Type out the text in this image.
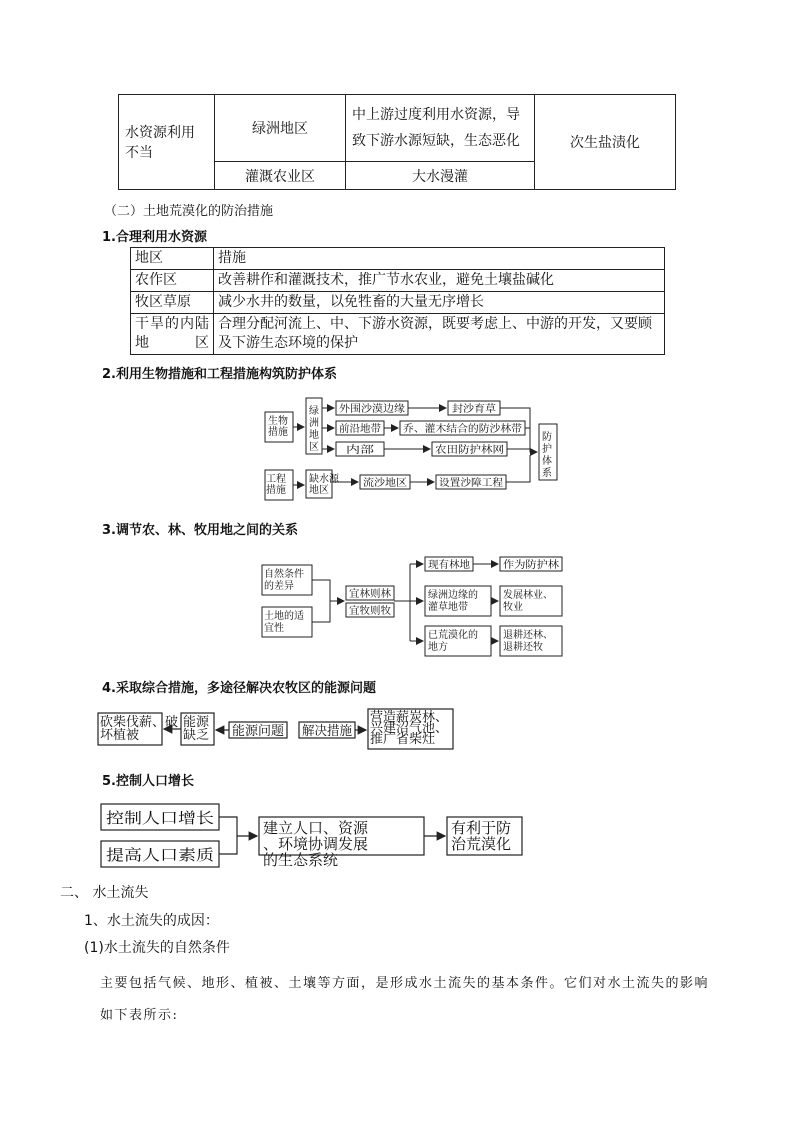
水资源利用不当	绿洲地区	中上游过度利用水资源，导致下游水源短缺，生态恶化	次生盐渍化
	灌溉农业区	大水漫灌	
（二）土地荒漠化的防治措施
1.合理利用水资源
地区	措施
农作区	改善耕作和灌溉技术，推广节水农业，避免土壤盐碱化
牧区草原	减少水井的数量，以免牲畜的大量无序增长
干旱的内陆地区	合理分配河流上、中、下游水资源，既要考虑上、中游的开发，又要顾及下游生态环境的保护
2.利用生物措施和工程措施构筑防护体系
3.调节农、林、牧用地之间的关系
4.采取综合措施，多途径解决农牧区的能源问题
5.控制人口增长
二、 水土流失
1、水土流失的成因：
(1)水土流失的自然条件
主要包括气候、地形、植被、土壤等方面，是形成水土流失的基本条件。它们对水土流失的影响如下表所示:
生物措施
工程措施
外围沙漠边缘	封沙育草
前沿地带 乔、灌木结合的防沙林带
内部	农田防护林网
流沙地区	设置沙障工程
缺水源地区
绿洲地区
防护体系
宜林则林
宜牧则牧
现有林地	作为防护林
自然条件的差异
土地的适宜性
绿洲边缘的灌草地带
发展林业、牧业
已荒漠化的地方
退耕还林、退耕还牧
能源问题 解决措施
砍柴伐薪、破坏植被
能源缺乏
营造薪炭林、兴建沼气池、推广省柴灶
控制人口增长
提高人口素质
建立人口、资源、环境协调发展的生态系统
有利于防治荒漠化
